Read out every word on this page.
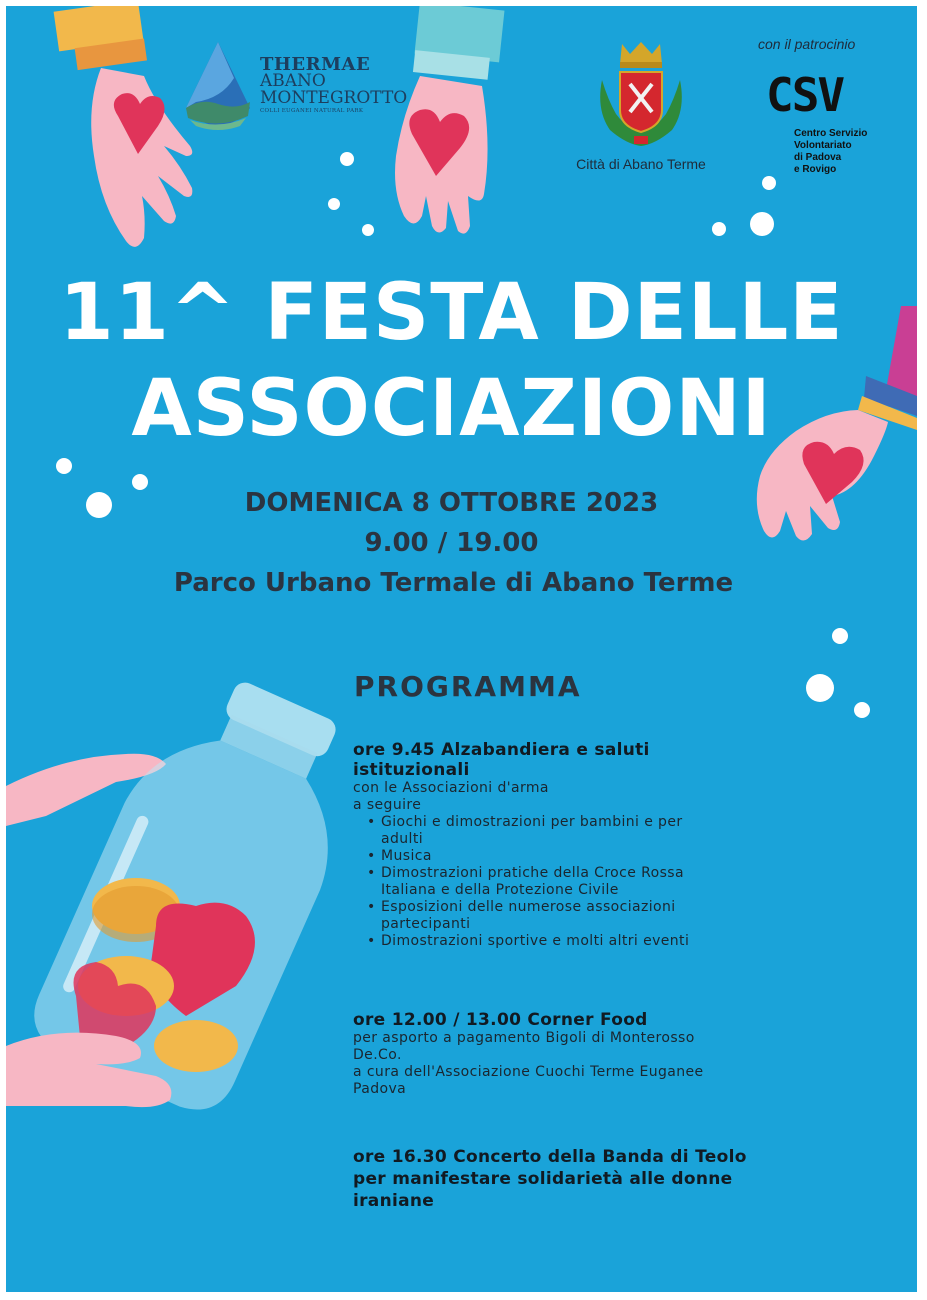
THERMAE
ABANO
MONTEGROTTO
COLLI EUGANEI NATURAL PARK
Città di Abano Terme
con il patrocinio
CSV
Centro Servizio
Volontariato
di Padova
e Rovigo
11^ FESTA DELLE
ASSOCIAZIONI
DOMENICA 8 OTTOBRE 2023
9.00 / 19.00
Parco Urbano Termale di Abano Terme
PROGRAMMA
ore 9.45 Alzabandiera e saluti
istituzionali
con le Associazioni d'arma
a seguire
• Giochi e dimostrazioni per bambini e per
adulti
• Musica
• Dimostrazioni pratiche della Croce Rossa
Italiana e della Protezione Civile
• Esposizioni delle numerose associazioni
partecipanti
• Dimostrazioni sportive e molti altri eventi
ore 12.00 / 13.00 Corner Food
per asporto a pagamento Bigoli di Monterosso
De.Co.
a cura dell'Associazione Cuochi Terme Euganee
Padova
ore 16.30 Concerto della Banda di Teolo
per manifestare solidarietà alle donne
iraniane
